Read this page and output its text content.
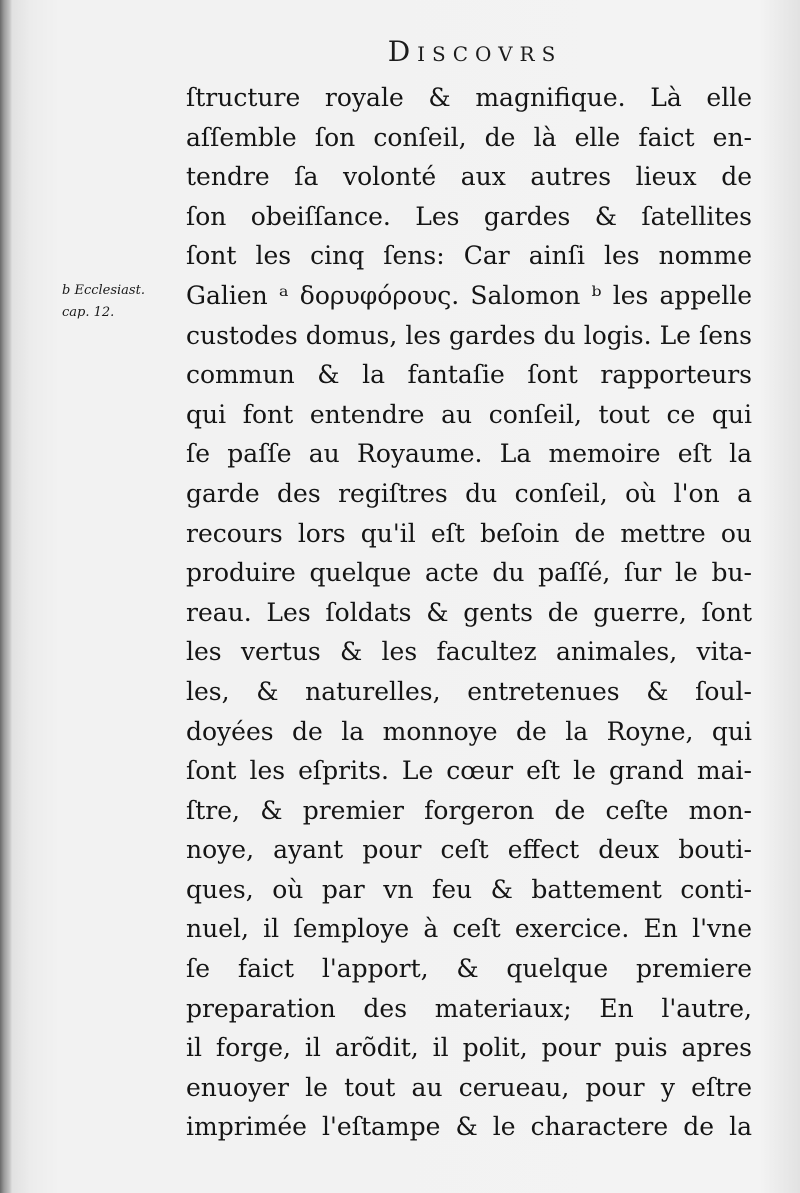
Discovrs
b Ecclesiast.
cap. 12.
ſtructure royale & magnifique. Là elle
aſſemble ſon conſeil, de là elle faict en-
tendre ſa volonté aux autres lieux de
ſon obeiſſance. Les gardes & ſatellites
ſont les cinq ſens: Car ainſi les nomme
Galien ᵃ δορυφόρους. Salomon ᵇ les appelle
custodes domus, les gardes du logis. Le ſens
commun & la fantaſie ſont rapporteurs
qui font entendre au conſeil, tout ce qui
ſe paſſe au Royaume. La memoire eſt la
garde des regiſtres du conſeil, où l'on a
recours lors qu'il eſt beſoin de mettre ou
produire quelque acte du paſſé, ſur le bu-
reau. Les ſoldats & gents de guerre, ſont
les vertus & les facultez animales, vita-
les, & naturelles, entretenues & ſoul-
doyées de la monnoye de la Royne, qui
ſont les eſprits. Le cœur eſt le grand mai-
ſtre, & premier forgeron de ceſte mon-
noye, ayant pour ceſt effect deux bouti-
ques, où par vn feu & battement conti-
nuel, il ſemploye à ceſt exercice. En l'vne
ſe faict l'apport, & quelque premiere
preparation des materiaux; En l'autre,
il forge, il arõdit, il polit, pour puis apres
enuoyer le tout au cerueau, pour y eſtre
imprimée l'eſtampe & le charactere de la
